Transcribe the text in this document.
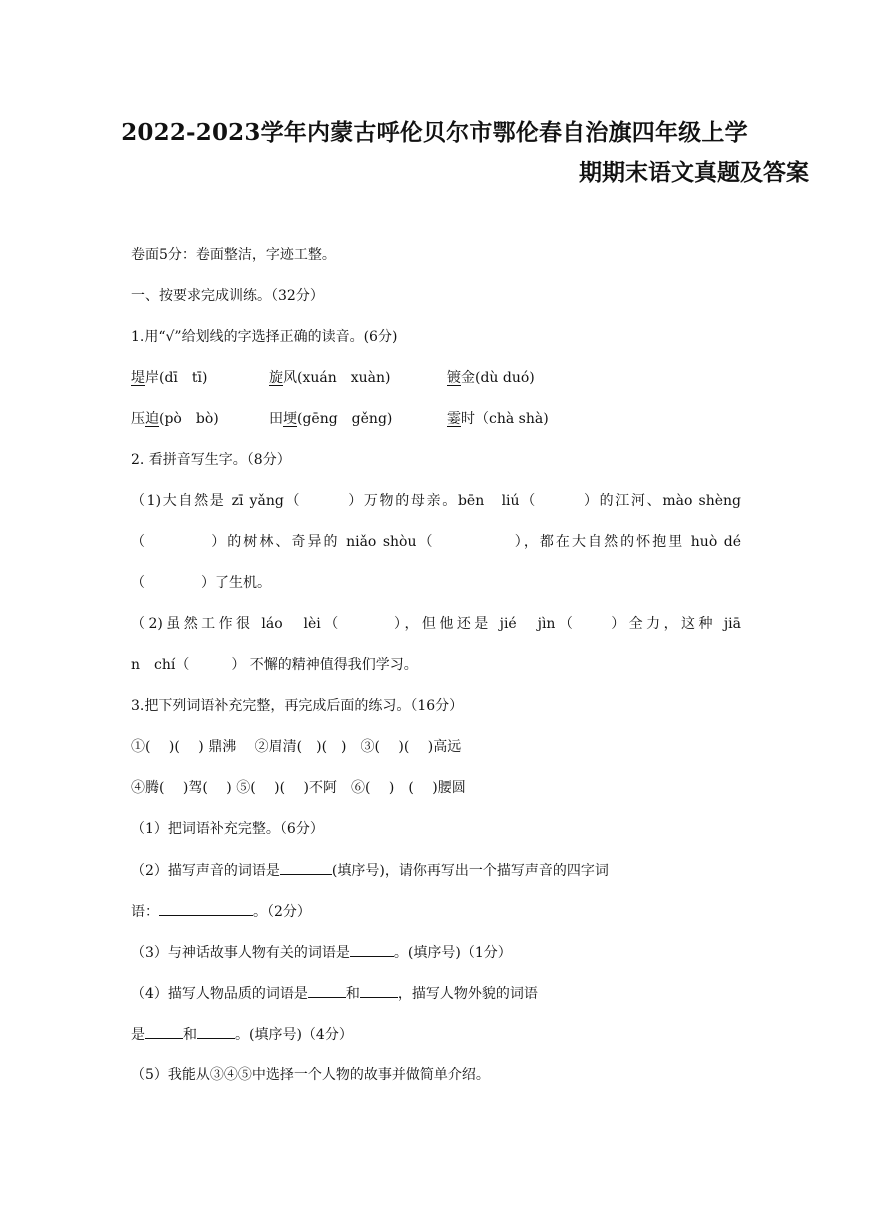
2022-2023学年内蒙古呼伦贝尔市鄂伦春自治旗四年级上学
期期末语文真题及答案
卷面5分：卷面整洁，字迹工整。
一、按要求完成训练。（32分）
1.用“√”给划线的字选择正确的读音。(6分)
堤岸(dī　tī)	旋风(xuán　xuàn)	镀金(dù duó)
压迫(pò　bò)	田埂(gēng　gěng)	霎时（chà shà)
2. 看拼音写生字。（8分）
（1)大自然是 zī yǎng（　　　）万物的母亲。bēn　liú（　　　）的江河、mào shèng
（　　　　）的树林、奇异的 niǎo shòu（　　　　　），都在大自然的怀抱里 huò dé
（　　　　）了生机。
（2)虽然工作很 láo　lèi（　　　），但他还是 jié　jìn（　　）全力，这种 jiā
n　chí（　　　） 不懈的精神值得我们学习。
3.把下列词语补充完整，再完成后面的练习。（16分）
①(　 )(　 ) 鼎沸　 ②眉清(　)(　)　③(　 )(　 )高远
④腾(　 )驾(　 ) ⑤(　 )(　 )不阿　⑥(　 )　(　 )腰圆
（1）把词语补充完整。（6分）
（2）描写声音的词语是	(填序号)，请你再写出一个描写声音的四字词
语：	。（2分）
（3）与神话故事人物有关的词语是	。(填序号)（1分）
（4）描写人物品质的词语是	和	，描写人物外貌的词语
是	和	。(填序号)（4分）
（5）我能从③④⑤中选择一个人物的故事并做简单介绍。
